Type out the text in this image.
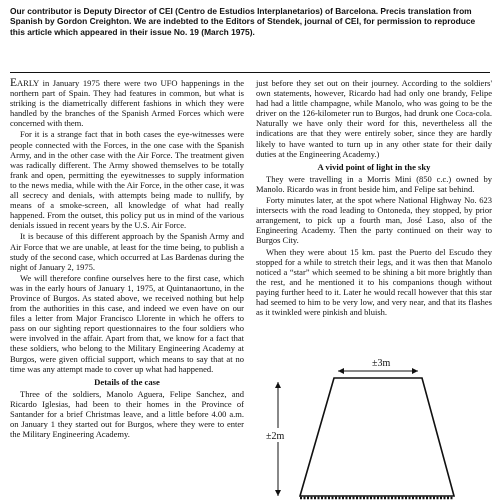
Our contributor is Deputy Director of CEI (Centro de Estudios Interplanetarios) of Barcelona. Precis translation from Spanish by Gordon Creighton. We are indebted to the Editors of Stendek, journal of CEI, for permission to reproduce this article which appeared in their issue No. 19 (March 1975).

EARLY in January 1975 there were two UFO happenings in the northern part of Spain. They had features in common, but what is striking is the diametrically different fashions in which they were handled by the branches of the Spanish Armed Forces which were concerned with them.

For it is a strange fact that in both cases the eye-witnesses were people connected with the Forces, in the one case with the Spanish Army, and in the other case with the Air Force. The treatment given was radically different. The Army showed themselves to be totally frank and open, permitting the eyewitnesses to supply information to the news media, while with the Air Force, in the other case, it was all secrecy and denials, with attempts being made to nullify, by means of a smoke-screen, all knowledge of what had really happened. From the outset, this policy put us in mind of the various denials issued in recent years by the U.S. Air Force.

It is because of this different approach by the Spanish Army and Air Force that we are unable, at least for the time being, to publish a study of the second case, which occurred at Las Bardenas during the night of January 2, 1975.

We will therefore confine ourselves here to the first case, which was in the early hours of January 1, 1975, at Quintanaortuno, in the Province of Burgos. As stated above, we received nothing but help from the authorities in this case, and indeed we even have on our files a letter from Major Francisco Llorente in which he offers to pass on our sighting report questionnaires to the four soldiers who were involved in the affair. Apart from that, we know for a fact that these soldiers, who belong to the Military Engineering Academy at Burgos, were given official support, which means to say that at no time was any attempt made to cover up what had happened.

Details of the case

Three of the soldiers, Manolo Aguera, Felipe Sanchez, and Ricardo Iglesias, had been to their homes in the Province of Santander for a brief Christmas leave, and a little before 4.00 a.m. on January 1 they started out for Burgos, where they were to enter the Military Engineering Academy.

just before they set out on their journey. According to the soldiers' own statements, however, Ricardo had had only one brandy, Felipe had had a little champagne, while Manolo, who was going to be the driver on the 126-kilometer run to Burgos, had drunk one Coca-cola. Naturally we have only their word for this, nevertheless all the indications are that they were entirely sober, since they are hardly likely to have wanted to turn up in any other state for their daily duties at the Engineering Academy.)

A vivid point of light in the sky

They were travelling in a Morris Mini (850 c.c.) owned by Manolo. Ricardo was in front beside him, and Felipe sat behind.

Forty minutes later, at the spot where National Highway No. 623 intersects with the road leading to Ontoneda, they stopped, by prior arrangement, to pick up a fourth man, José Laso, also of the Engineering Academy. Then the party continued on their way to Burgos City.

When they were about 15 km. past the Puerto del Escudo they stopped for a while to stretch their legs, and it was then that Manolo noticed a “star” which seemed to be shining a bit more brightly than the rest, and he mentioned it to his companions though without paying further heed to it. Later he would recall however that this star had seemed to him to be very low, and very near, and that its flashes as it twinkled were pinkish and bluish.

±3m
±2m
